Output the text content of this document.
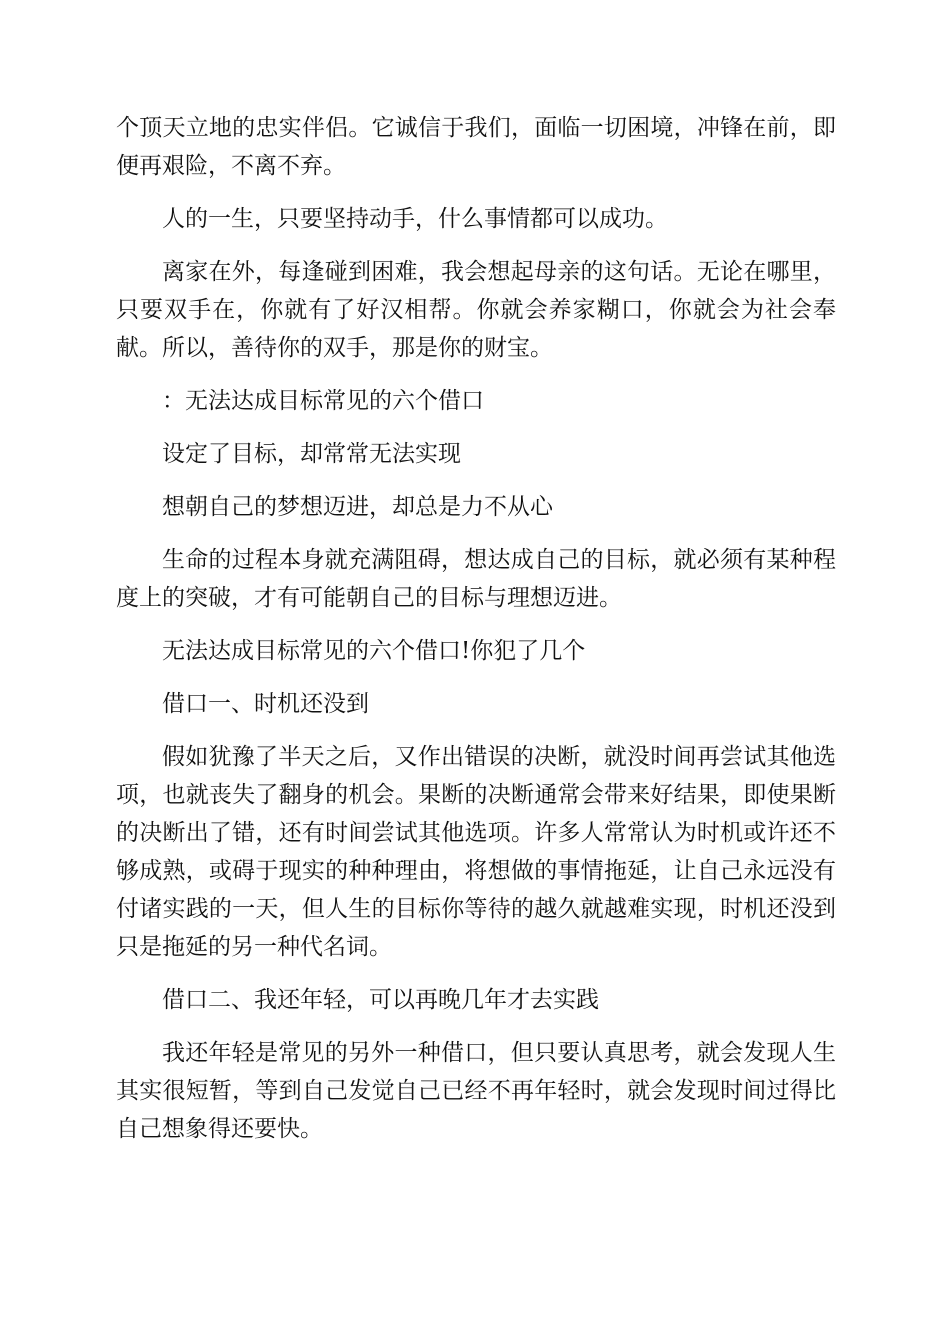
个顶天立地的忠实伴侣。它诚信于我们，面临一切困境，冲锋在前，即便再艰险，不离不弃。

人的一生，只要坚持动手，什么事情都可以成功。

离家在外，每逢碰到困难，我会想起母亲的这句话。无论在哪里，只要双手在，你就有了好汉相帮。你就会养家糊口，你就会为社会奉献。所以，善待你的双手，那是你的财宝。

：无法达成目标常见的六个借口

设定了目标，却常常无法实现

想朝自己的梦想迈进，却总是力不从心

生命的过程本身就充满阻碍，想达成自己的目标，就必须有某种程度上的突破，才有可能朝自己的目标与理想迈进。

无法达成目标常见的六个借口!你犯了几个

借口一、时机还没到

假如犹豫了半天之后，又作出错误的决断，就没时间再尝试其他选项，也就丧失了翻身的机会。果断的决断通常会带来好结果，即使果断的决断出了错，还有时间尝试其他选项。许多人常常认为时机或许还不够成熟，或碍于现实的种种理由，将想做的事情拖延，让自己永远没有付诸实践的一天，但人生的目标你等待的越久就越难实现，时机还没到只是拖延的另一种代名词。

借口二、我还年轻，可以再晚几年才去实践

我还年轻是常见的另外一种借口，但只要认真思考，就会发现人生其实很短暂，等到自己发觉自己已经不再年轻时，就会发现时间过得比自己想象得还要快。
